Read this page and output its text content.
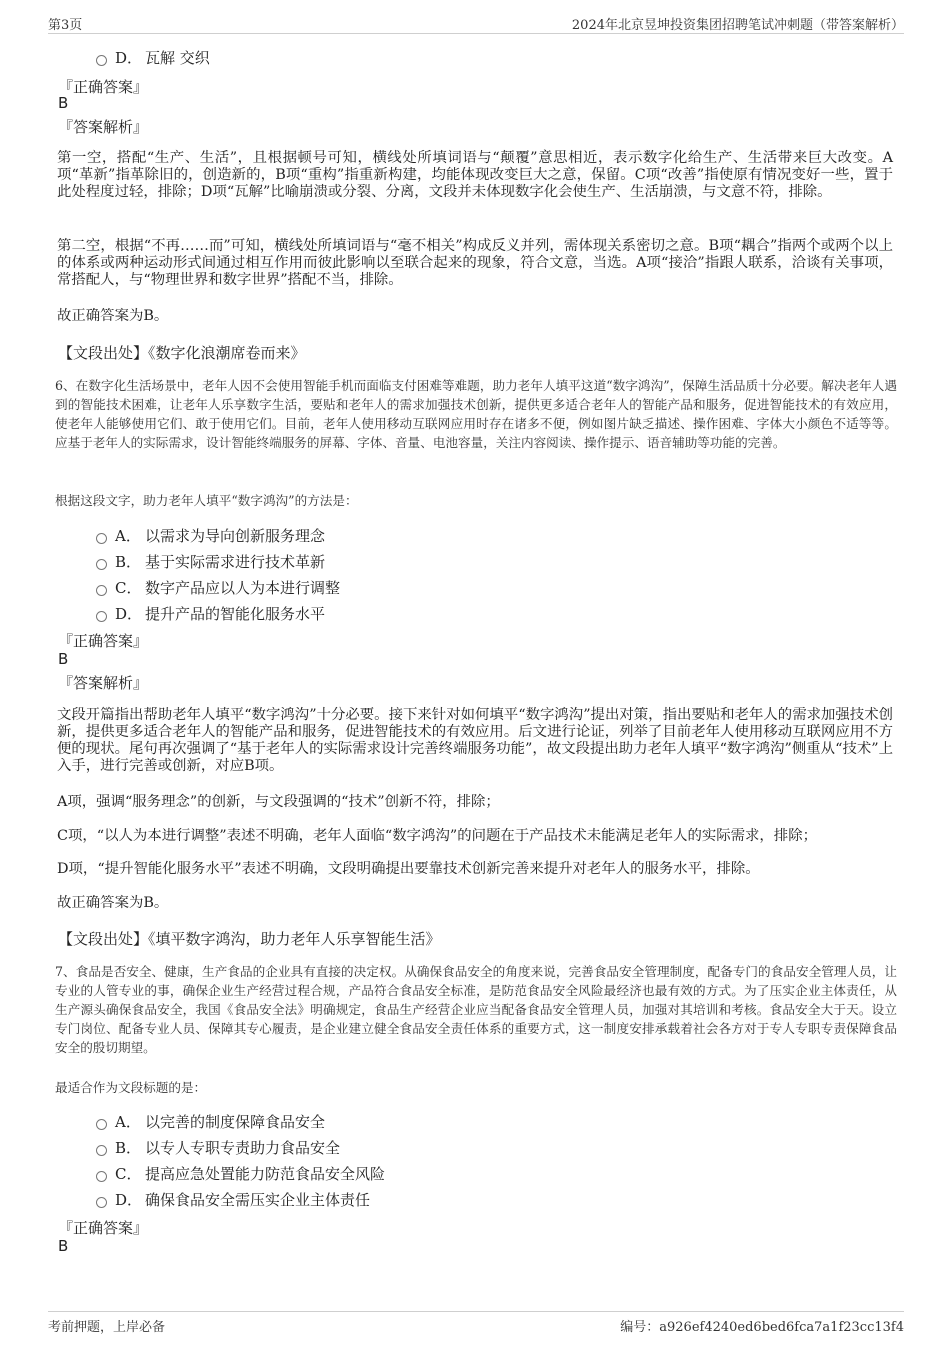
第3页	2024年北京昱坤投资集团招聘笔试冲刺题（带答案解析）
D． 瓦解 交织
『正确答案』
B
『答案解析』
第一空，搭配“生产、生活”，且根据顿号可知，横线处所填词语与“颠覆”意思相近，表示数字化给生产、生活带来巨大改变。A项“革新”指革除旧的，创造新的，B项“重构”指重新构建，均能体现改变巨大之意，保留。C项“改善”指使原有情况变好一些，置于此处程度过轻，排除；D项“瓦解”比喻崩溃或分裂、分离，文段并未体现数字化会使生产、生活崩溃，与文意不符，排除。
第二空，根据“不再……而”可知，横线处所填词语与“毫不相关”构成反义并列，需体现关系密切之意。B项“耦合”指两个或两个以上的体系或两种运动形式间通过相互作用而彼此影响以至联合起来的现象，符合文意，当选。A项“接洽”指跟人联系，洽谈有关事项，常搭配人，与“物理世界和数字世界”搭配不当，排除。
故正确答案为B。
【文段出处】《数字化浪潮席卷而来》
6、在数字化生活场景中，老年人因不会使用智能手机而面临支付困难等难题，助力老年人填平这道“数字鸿沟”，保障生活品质十分必要。解决老年人遇到的智能技术困难，让老年人乐享数字生活，要贴和老年人的需求加强技术创新，提供更多适合老年人的智能产品和服务，促进智能技术的有效应用，使老年人能够使用它们、敢于使用它们。目前，老年人使用移动互联网应用时存在诸多不便，例如图片缺乏描述、操作困难、字体大小颜色不适等等。应基于老年人的实际需求，设计智能终端服务的屏幕、字体、音量、电池容量，关注内容阅读、操作提示、语音辅助等功能的完善。
根据这段文字，助力老年人填平“数字鸿沟”的方法是：
A． 以需求为导向创新服务理念
B． 基于实际需求进行技术革新
C． 数字产品应以人为本进行调整
D． 提升产品的智能化服务水平
『正确答案』
B
『答案解析』
文段开篇指出帮助老年人填平“数字鸿沟”十分必要。接下来针对如何填平“数字鸿沟”提出对策，指出要贴和老年人的需求加强技术创新，提供更多适合老年人的智能产品和服务，促进智能技术的有效应用。后文进行论证，列举了目前老年人使用移动互联网应用不方便的现状。尾句再次强调了“基于老年人的实际需求设计完善终端服务功能”，故文段提出助力老年人填平“数字鸿沟”侧重从“技术”上入手，进行完善或创新，对应B项。
A项，强调“服务理念”的创新，与文段强调的“技术”创新不符，排除；
C项，“以人为本进行调整”表述不明确，老年人面临“数字鸿沟”的问题在于产品技术未能满足老年人的实际需求，排除；
D项，“提升智能化服务水平”表述不明确，文段明确提出要靠技术创新完善来提升对老年人的服务水平，排除。
故正确答案为B。
【文段出处】《填平数字鸿沟，助力老年人乐享智能生活》
7、食品是否安全、健康，生产食品的企业具有直接的决定权。从确保食品安全的角度来说，完善食品安全管理制度，配备专门的食品安全管理人员，让专业的人管专业的事，确保企业生产经营过程合规，产品符合食品安全标准，是防范食品安全风险最经济也最有效的方式。为了压实企业主体责任，从生产源头确保食品安全，我国《食品安全法》明确规定，食品生产经营企业应当配备食品安全管理人员，加强对其培训和考核。食品安全大于天。设立专门岗位、配备专业人员、保障其专心履责，是企业建立健全食品安全责任体系的重要方式，这一制度安排承载着社会各方对于专人专职专责保障食品安全的殷切期望。
最适合作为文段标题的是：
A． 以完善的制度保障食品安全
B． 以专人专职专责助力食品安全
C． 提高应急处置能力防范食品安全风险
D． 确保食品安全需压实企业主体责任
『正确答案』
B
考前押题，上岸必备	编号：a926ef4240ed6bed6fca7a1f23cc13f4
